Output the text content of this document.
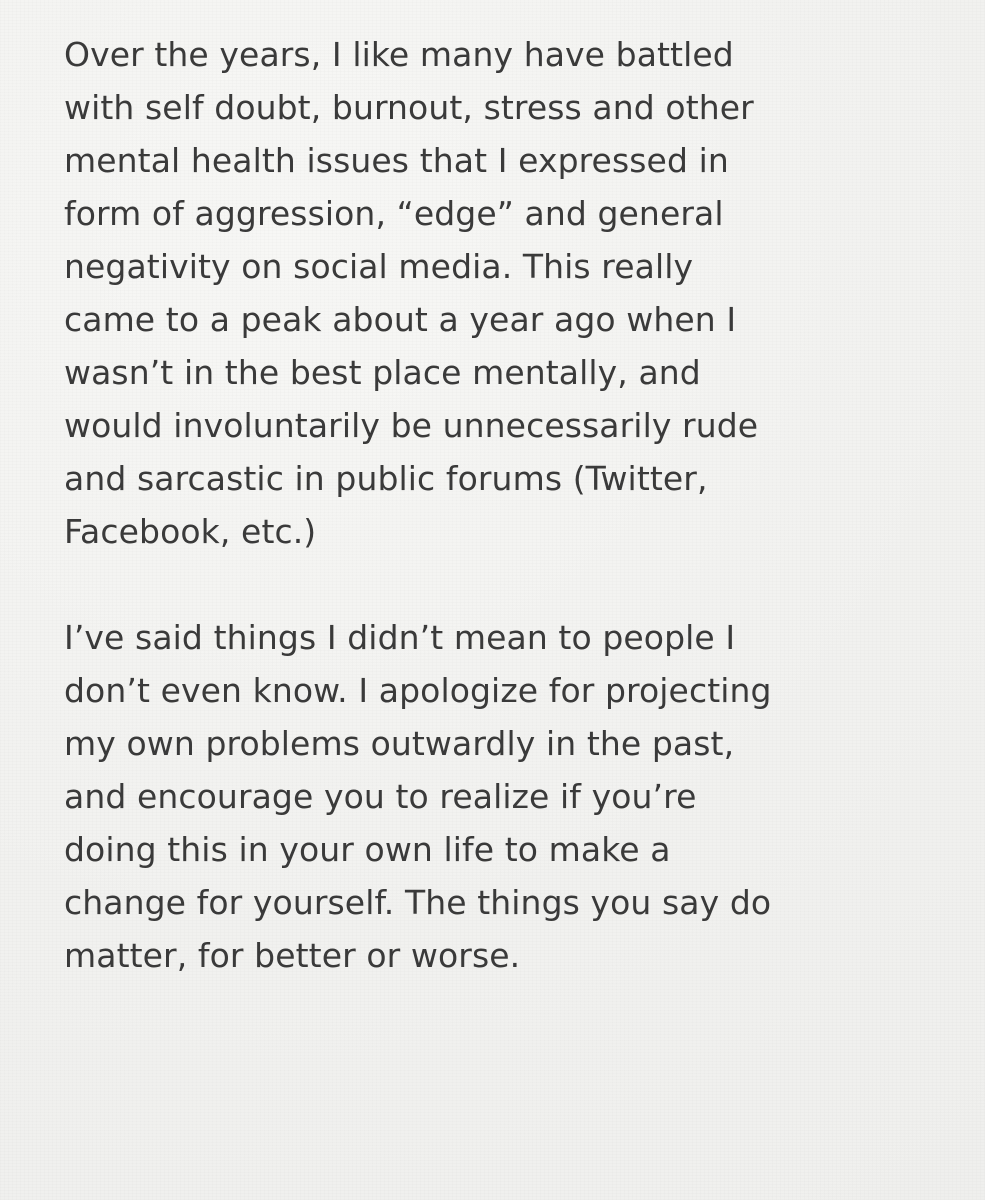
Over the years, I like many have battled
with self doubt, burnout, stress and other
mental health issues that I expressed in
form of aggression, “edge” and general
negativity on social media. This really
came to a peak about a year ago when I
wasn’t in the best place mentally, and
would involuntarily be unnecessarily rude
and sarcastic in public forums (Twitter,
Facebook, etc.)
I’ve said things I didn’t mean to people I
don’t even know. I apologize for projecting
my own problems outwardly in the past,
and encourage you to realize if you’re
doing this in your own life to make a
change for yourself. The things you say do
matter, for better or worse.
